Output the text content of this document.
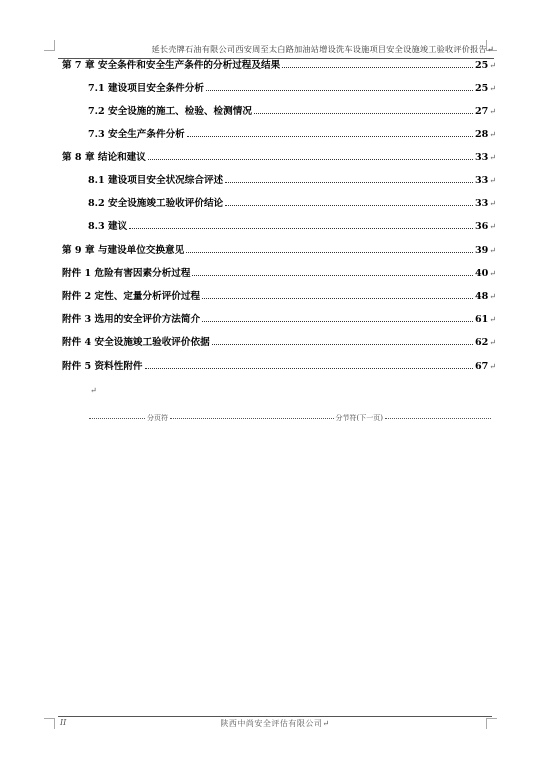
延长壳牌石油有限公司西安周至太白路加油站增设洗车设施项目安全设施竣工验收评价报告↵
第 7 章 安全条件和安全生产条件的分析过程及结果	25 ↵
7.1 建设项目安全条件分析	25 ↵
7.2 安全设施的施工、检验、检测情况	27 ↵
7.3 安全生产条件分析	28 ↵
第 8 章 结论和建议	33 ↵
8.1 建设项目安全状况综合评述	33 ↵
8.2 安全设施竣工验收评价结论	33 ↵
8.3 建议	36 ↵
第 9 章 与建设单位交换意见	39 ↵
附件 1 危险有害因素分析过程	40 ↵
附件 2 定性、定量分析评价过程	48 ↵
附件 3 选用的安全评价方法简介	61 ↵
附件 4 安全设施竣工验收评价依据	62 ↵
附件 5 资料性附件	67 ↵
↵
分页符	分节符(下一页)
II	陕西中尚安全评估有限公司↵
